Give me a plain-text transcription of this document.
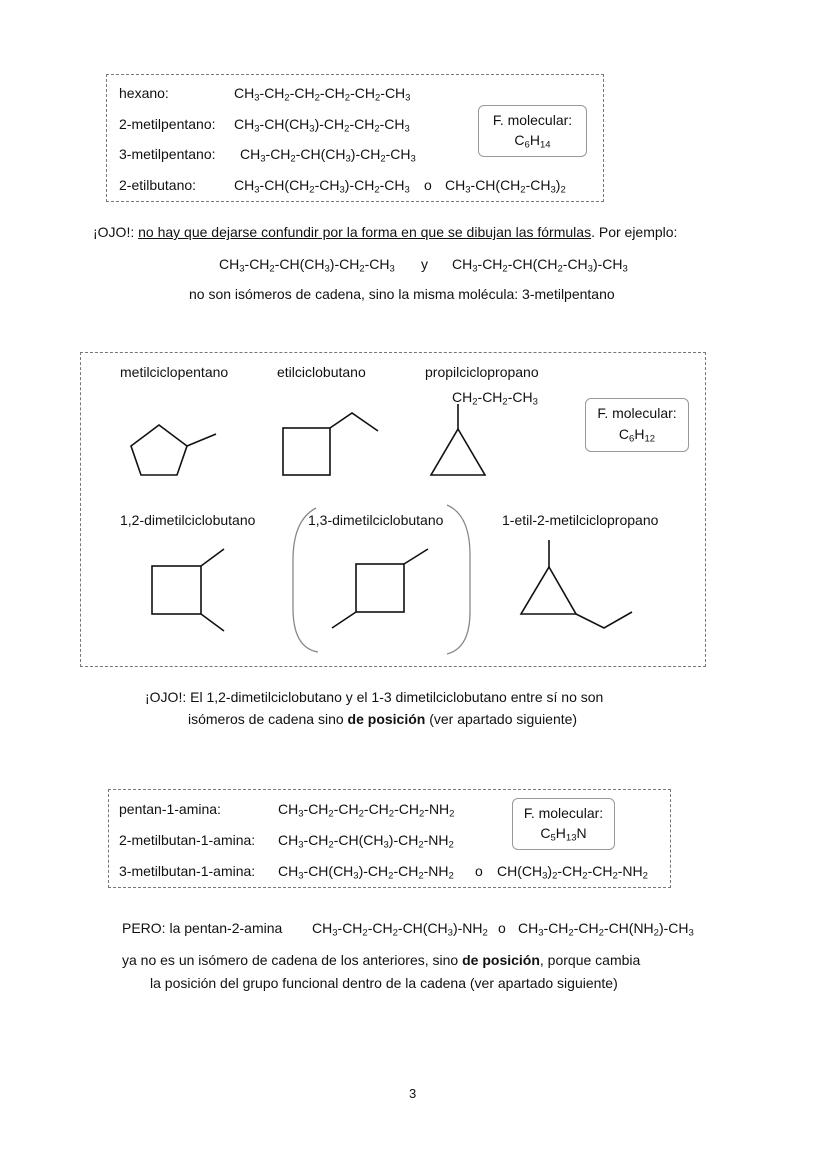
hexano:	$CH_3-CH_2-CH_2-CH_2-CH_2-CH_3$
2-metilpentano: $CH_3-CH(CH_3)-CH_2-CH_2-CH_3$
3-metilpentano: $CH_3-CH_2-CH(CH_3)-CH_2-CH_3$
2-etilbutano:	$CH_3-CH(CH_2-CH_3)-CH_2-CH_3$ o $CH_3-CH(CH_2-CH_3)_2$
F. molecular:
$C_6H_{14}$
¡OJO!: no hay que dejarse confundir por la forma en que se dibujan las fórmulas. Por ejemplo:
$CH_3-CH_2-CH(CH_3)-CH_2-CH_3$ y $CH_3-CH_2-CH(CH_2-CH_3)-CH_3$
no son isómeros de cadena, sino la misma molécula: 3-metilpentano
metilciclopentano	etilciclobutano	propilciclopropano
$CH_2-CH_2-CH_3$
F. molecular:
$C_6H_{12}$
1,2-dimetilciclobutano	1,3-dimetilciclobutano	1-etil-2-metilciclopropano
¡OJO!: El 1,2-dimetilciclobutano y el 1-3 dimetilciclobutano entre sí no son
isómeros de cadena sino de posición (ver apartado siguiente)
pentan-1-amina:	$CH_3-CH_2-CH_2-CH_2-CH_2-NH_2$
2-metilbutan-1-amina: $CH_3-CH_2-CH(CH_3)-CH_2-NH_2$
3-metilbutan-1-amina: $CH_3-CH(CH_3)-CH_2-CH_2-NH_2$ o $CH(CH_3)_2-CH_2-CH_2-NH_2$
F. molecular:
$C_5H_{13}N$
PERO: la pentan-2-amina $CH_3-CH_2-CH_2-CH(CH_3)-NH_2$ o $CH_3-CH_2-CH_2-CH(NH_2)-CH_3$
ya no es un isómero de cadena de los anteriores, sino de posición, porque cambia
la posición del grupo funcional dentro de la cadena (ver apartado siguiente)
3
